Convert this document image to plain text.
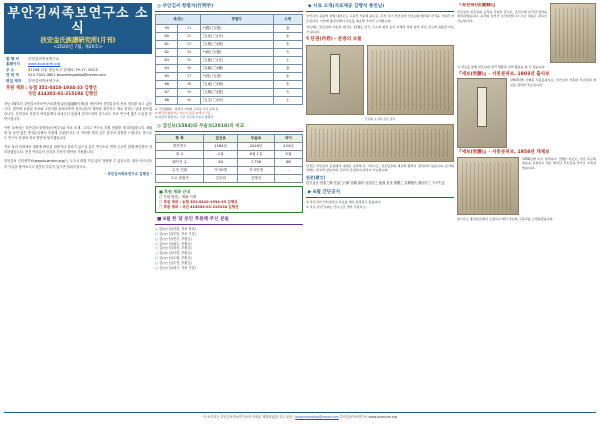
부안김씨족보연구소 소식
扶安金氏族譜硏究所(月刊)
<2020년 7월, 제20호>
발 행 처	부안김씨족보연구소
홈페이지 www.buankim.org
주 소	07294 서울 영등포구 문래로 79-17, 202호
연 락 처	010-7941-3651 buankimpokbo@naver.com
편집 제작 부안김씨족보연구소
후원 계좌 : 농협 351-0410-1934-33 김행선
국민 414302-01-215194 김행선
지난 3월부터 부안김씨족보연구소(扶安金氏族譜硏究所)를 방문하여 종친분들의 족보 정리를 돕고 있습니다. 집안에 보관된 족보와 고문서를 살펴보면서 선조님들의 행적을 정리하고 바로 알리는 일에 힘쓰겠습니다. 부안김씨 문중의 여러분께서 보내주신 관심에 감사드리며 앞으로도 족보 연구에 많은 도움을 부탁드립니다.
이번 호에서는 부안김씨 항렬자(行列字)와 사료 소개, 그리고 연구소 후원 현황을 정리하였습니다. 6월 한 달 동안 많은 종친분들께서 후원해 주셨습니다. 이 자리를 빌려 깊은 감사의 말씀을 드립니다. 앞으로도 연구소 운영과 자료 발간에 힘쓰겠습니다.
족보 정리 과정에서 새롭게 확인된 내용이나 자료가 있으신 분은 연구소로 연락 주시면 함께 확인하여 정리하겠습니다. 종친 여러분의 건강과 가정의 평안을 기원합니다.
부안김씨 인터넷족보(www.buankim.org)는 누구나 회원 가입 없이 열람할 수 있습니다. 집안 어르신들의 이름을 찾아보시고 잘못된 부분이 있으면 알려주십시오.
- 부안김씨족보연구소 김행선 -
◎ 부안김씨 항렬자(行列字)
세(世)		항렬자	오행
59	31	*(錫) □(根)	金
60	32	□(泳) □(永)	水
61	33	□(根) □(植)	木
62	34	*(炯) □(熙)	火
63	35	□(基) □(在)	土
64	36	□(鎬) □(鍾)	金
65	37	*(洙) □(淳)	水
66	38	□(東) □(相)	木
67	39	□(煥) □(燮)	火
68	40	□(圭) □(培)	土
※ 국빈(國賓) : 항렬자 아래의 글자를 이름 뒤에 씀
※ 빨간색 항렬자는 자손이 많은 파에서 사용
※ 파란색 항렬자는 기존 족보에 사용된 항렬자
◎ 감신보(1584)와 무술보(2018)의 비교
항 목	갑신보	무술보	차이
발간연도	1584년	2018년	434년
권 수	1권	6권 1질	5권
페이지 수	84	7,756	88
수록 인원	약 50명	약 5만명	-
주요 편집자	김공희	김행선	-
■ 후원 계좌 안내
□ 후원 방법 : 계좌 이체
□ 후원 계좌 : 농협 351-0410-1934-33 김행선
□ 후원 계좌 : 국민 414302-01-215194 김행선
■ 6월 한 달 동안 후원해 주신 분들
□ 김○○ 님(서울, 족보 정리)
□ 김○○ 님(부안, 자료 기증)
□ 김○○ 님(전주, 후원금)
□ 김○○ 님(광주, 후원금)
□ 김○○ 님(대전, 후원금)
□ 김○○ 님(인천, 후원금)
□ 김○○ 님(수원, 후원금)
□ 김○○ 님(부산, 후원금)
□ 김○○ 님(대구, 자료 기증)
◆ 사료 소개(자료제공 김행석 종친님)
부안김씨 문중에 전해 내려오는 고문서 가운데 하나로, 조선 후기 부안김씨 선조님의 행적과 관직을 기록한 자료입니다. 이번에 종친님께서 자료를 제공해 주셔서 소개합니다.
자료에는 선조님의 이름과 자(字), 호(號), 관직, 묘소의 위치 등이 자세히 적혀 있어 족보 연구에 귀중한 자료가 됩니다.
¶ 단권(丹券) - 문중의 보물
단권의 표지와 본문 일부
단권은 부안김씨 문중에서 대대로 보관해 온 기록으로, 선조님들의 계보와 행적이 정리되어 있습니다. 문서의 상태는 비교적 양호하며, 글씨가 또렷하여 판독이 가능합니다.
원문(原文)
扶安金氏 世系之錄 先祖之行蹟 官職 墓所 皆詳記之 後孫 世世 保藏之 以傳後代 敬而守之 不可失也
▶ 6월 간단공지
① 부안김씨 인터넷족보 자료를 계속 정리하고 있습니다.
② 족보 관련 문의는 연구소로 연락 주십시오.
『좌찬록(佐贊錄)』
부안김씨 선조님의 공적을 기록한 문서로, 조선시대 관직과 업적을 정리하였습니다. 문서의 일부가 손상되었으나 주요 내용은 판독이 가능합니다.
이 자료를 통해 선조님의 관직 생활과 지역 활동을 알 수 있습니다.
『세보(世譜)』- 서봉분파보, 1903년 출사보
1903년에 간행된 서봉분파보로, 부안김씨 서봉파 후손들의 계보를 정리한 족보입니다.
『세보(世譜)』- 서봉분파보, 1958년 개체보
1958년에 다시 정리하여 간행한 족보로, 이전 족보의 내용을 보완하고 새로 태어난 후손들을 추가로 수록하였습니다.
앞으로도 종친분들께서 소장하고 계신 족보와 고문서를 소개하겠습니다.
이 소식지는 부안김씨족보연구소의 의뢰로 제작되었습니다. 문의 : buankimpokbo@naver.com 부안김씨족보연구소 www.buankim.org
